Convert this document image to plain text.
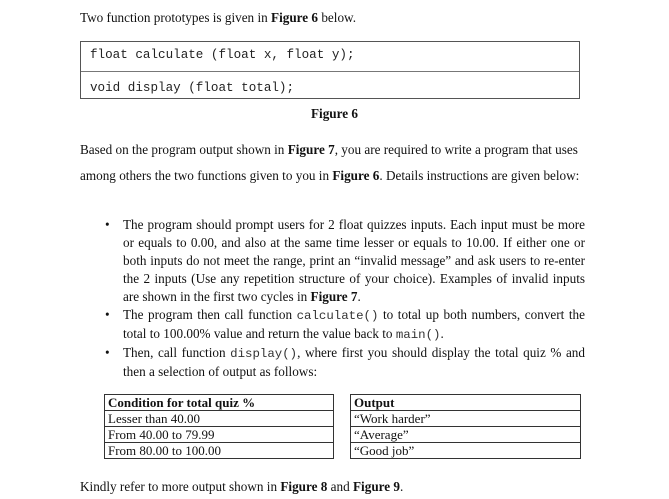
Two function prototypes is given in Figure 6 below.

float calculate (float x, float y);
void display (float total);

Figure 6

Based on the program output shown in Figure 7, you are required to write a program that uses among others the two functions given to you in Figure 6. Details instructions are given below:

• The program should prompt users for 2 float quizzes inputs. Each input must be more or equals to 0.00, and also at the same time lesser or equals to 10.00. If either one or both inputs do not meet the range, print an “invalid message” and ask users to re-enter the 2 inputs (Use any repetition structure of your choice). Examples of invalid inputs are shown in the first two cycles in Figure 7.
• The program then call function calculate() to total up both numbers, convert the total to 100.00% value and return the value back to main().
• Then, call function display(), where first you should display the total quiz % and then a selection of output as follows:
Condition for total quiz %		Output
Lesser than 40.00		“Work harder”
From 40.00 to 79.99		“Average”
From 80.00 to 100.00		“Good job”

Kindly refer to more output shown in Figure 8 and Figure 9.
